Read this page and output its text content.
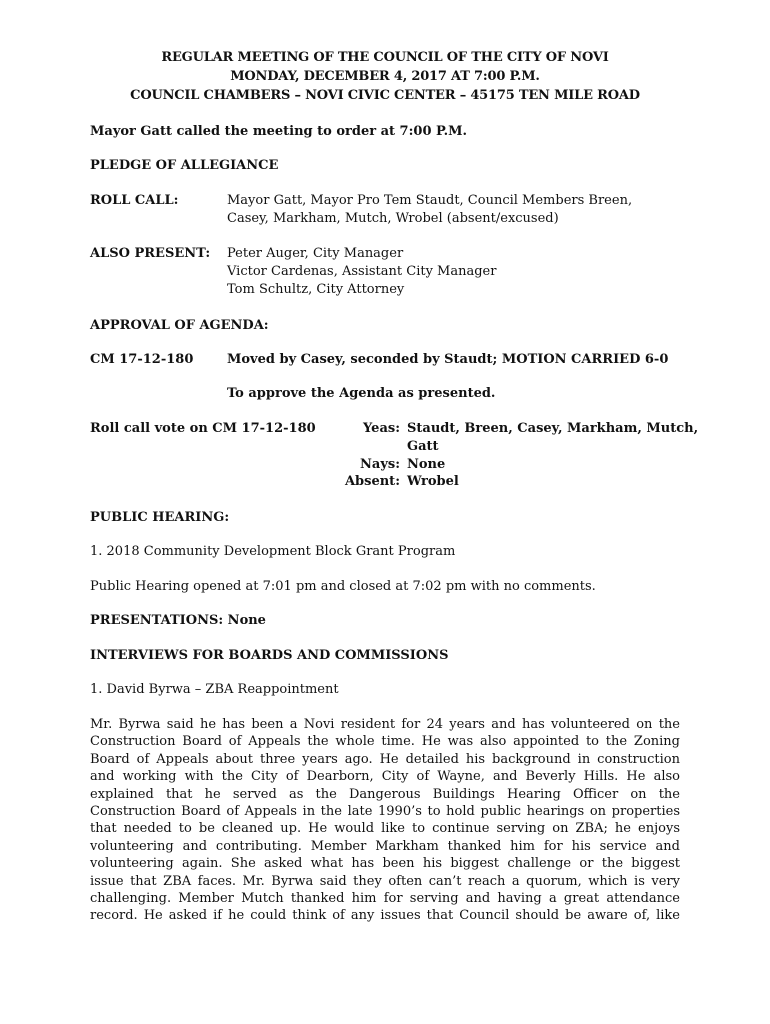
REGULAR MEETING OF THE COUNCIL OF THE CITY OF NOVI
MONDAY, DECEMBER 4, 2017 AT 7:00 P.M.
COUNCIL CHAMBERS – NOVI CIVIC CENTER – 45175 TEN MILE ROAD
Mayor Gatt called the meeting to order at 7:00 P.M.
PLEDGE OF ALLEGIANCE
ROLL CALL:	Mayor Gatt, Mayor Pro Tem Staudt, Council Members Breen,
Casey, Markham, Mutch, Wrobel (absent/excused)
ALSO PRESENT: Peter Auger, City Manager
Victor Cardenas, Assistant City Manager
Tom Schultz, City Attorney
APPROVAL OF AGENDA:
CM 17-12-180	Moved by Casey, seconded by Staudt; MOTION CARRIED 6-0
To approve the Agenda as presented.
Roll call vote on CM 17-12-180	Yeas: Staudt, Breen, Casey, Markham, Mutch,
Gatt
Nays: None
Absent: Wrobel
PUBLIC HEARING:
1. 2018 Community Development Block Grant Program
Public Hearing opened at 7:01 pm and closed at 7:02 pm with no comments.
PRESENTATIONS: None
INTERVIEWS FOR BOARDS AND COMMISSIONS
1. David Byrwa – ZBA Reappointment
Mr. Byrwa said he has been a Novi resident for 24 years and has volunteered on the
Construction Board of Appeals the whole time. He was also appointed to the Zoning
Board of Appeals about three years ago. He detailed his background in construction
and working with the City of Dearborn, City of Wayne, and Beverly Hills. He also
explained that he served as the Dangerous Buildings Hearing Officer on the
Construction Board of Appeals in the late 1990’s to hold public hearings on properties
that needed to be cleaned up. He would like to continue serving on ZBA; he enjoys
volunteering and contributing. Member Markham thanked him for his service and
volunteering again. She asked what has been his biggest challenge or the biggest
issue that ZBA faces. Mr. Byrwa said they often can’t reach a quorum, which is very
challenging. Member Mutch thanked him for serving and having a great attendance
record. He asked if he could think of any issues that Council should be aware of, like
